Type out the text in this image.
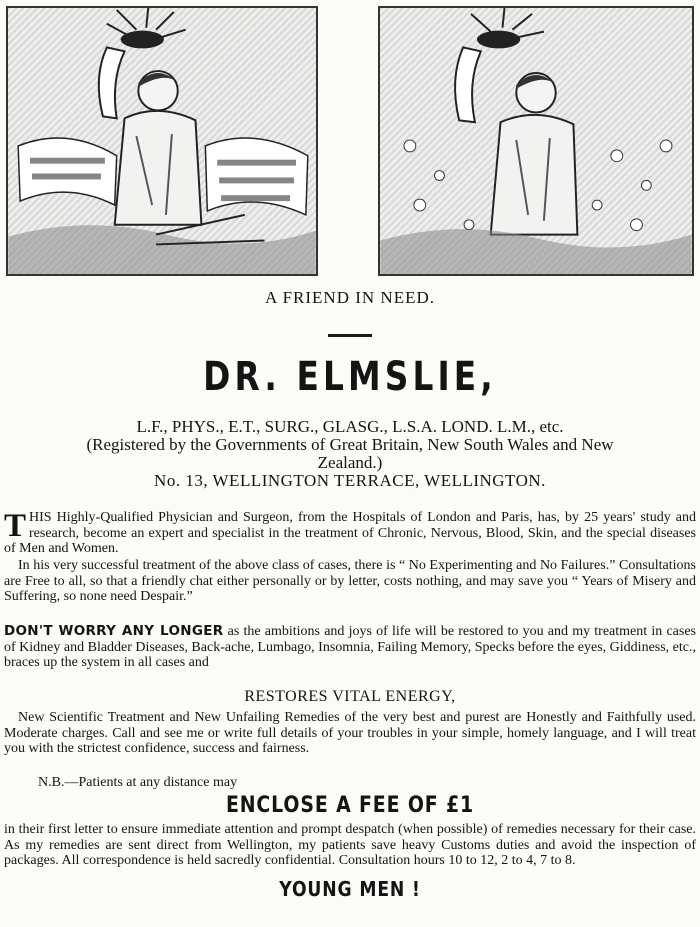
A FRIEND IN NEED.
DR. ELMSLIE,
L.F., PHYS., E.T., SURG., GLASG., L.S.A. LOND. L.M., etc.
(Registered by the Governments of Great Britain, New South Wales and New
Zealand.)
No. 13, WELLINGTON TERRACE, WELLINGTON.
THIS Highly-Qualified Physician and Surgeon, from the Hospitals of London and Paris, has, by 25 years' study and research, become an expert and specialist in the treatment of Chronic, Nervous, Blood, Skin, and the special diseases of Men and Women.
In his very successful treatment of the above class of cases, there is “ No Experimenting and No Failures.” Consultations are Free to all, so that a friendly chat either personally or by letter, costs nothing, and may save you “ Years of Misery and Suffering, so none need Despair.”
DON'T WORRY ANY LONGER as the ambitions and joys of life will be restored to you and my treatment in cases of Kidney and Bladder Diseases, Back-ache, Lumbago, Insomnia, Failing Memory, Specks before the eyes, Giddiness, etc., braces up the system in all cases and
RESTORES VITAL ENERGY,
New Scientific Treatment and New Unfailing Remedies of the very best and purest are Honestly and Faithfully used. Moderate charges. Call and see me or write full details of your troubles in your simple, homely language, and I will treat you with the strictest confidence, success and fairness.
N.B.—Patients at any distance may
ENCLOSE A FEE OF £1
in their first letter to ensure immediate attention and prompt despatch (when possible) of remedies necessary for their case. As my remedies are sent direct from Wellington, my patients save heavy Customs duties and avoid the inspection of packages. All correspondence is held sacredly confidential. Consultation hours 10 to 12, 2 to 4, 7 to 8.
YOUNG MEN !
